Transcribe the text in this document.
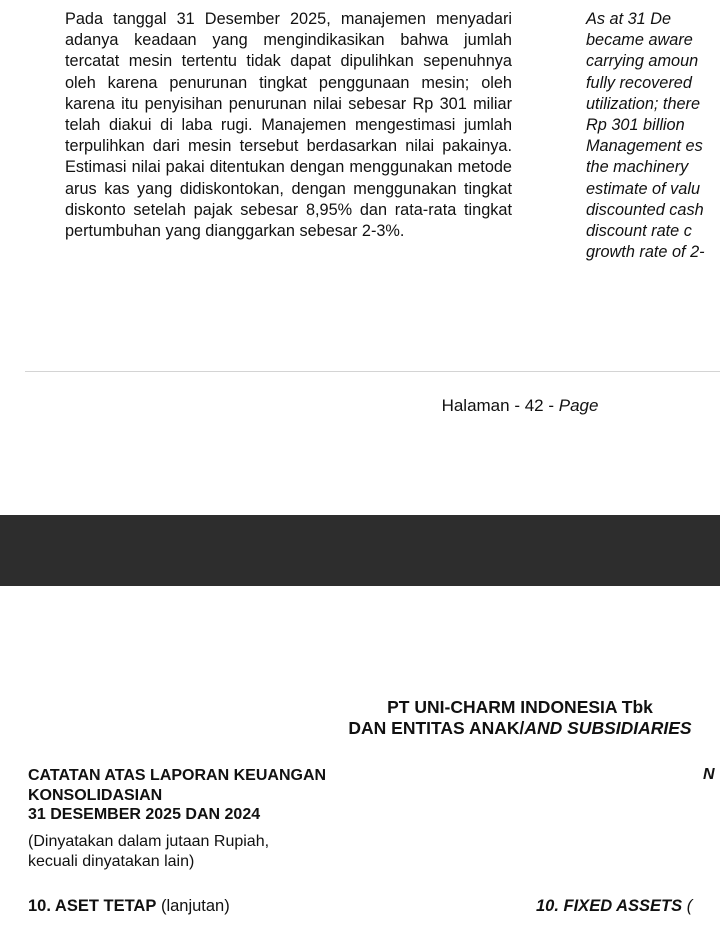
Pada tanggal 31 Desember 2025, manajemen menyadari adanya keadaan yang mengindikasikan bahwa jumlah tercatat mesin tertentu tidak dapat dipulihkan sepenuhnya oleh karena penurunan tingkat penggunaan mesin; oleh karena itu penyisihan penurunan nilai sebesar Rp 301 miliar telah diakui di laba rugi. Manajemen mengestimasi jumlah terpulihkan dari mesin tersebut berdasarkan nilai pakainya. Estimasi nilai pakai ditentukan dengan menggunakan metode arus kas yang didiskontokan, dengan menggunakan tingkat diskonto setelah pajak sebesar 8,95% dan rata-rata tingkat pertumbuhan yang dianggarkan sebesar 2-3%.

As at 31 De
became aware
carrying amoun
fully recovered
utilization; there
Rp 301 billion
Management es
the machinery
estimate of valu
discounted cash
discount rate c
growth rate of 2-
Halaman - 42 - Page
PT UNI-CHARM INDONESIA Tbk
DAN ENTITAS ANAK/AND SUBSIDIARIES
CATATAN ATAS LAPORAN KEUANGAN
KONSOLIDASIAN
31 DESEMBER 2025 DAN 2024
(Dinyatakan dalam jutaan Rupiah,
kecuali dinyatakan lain)
N
10. ASET TETAP (lanjutan)	10. FIXED ASSETS (
